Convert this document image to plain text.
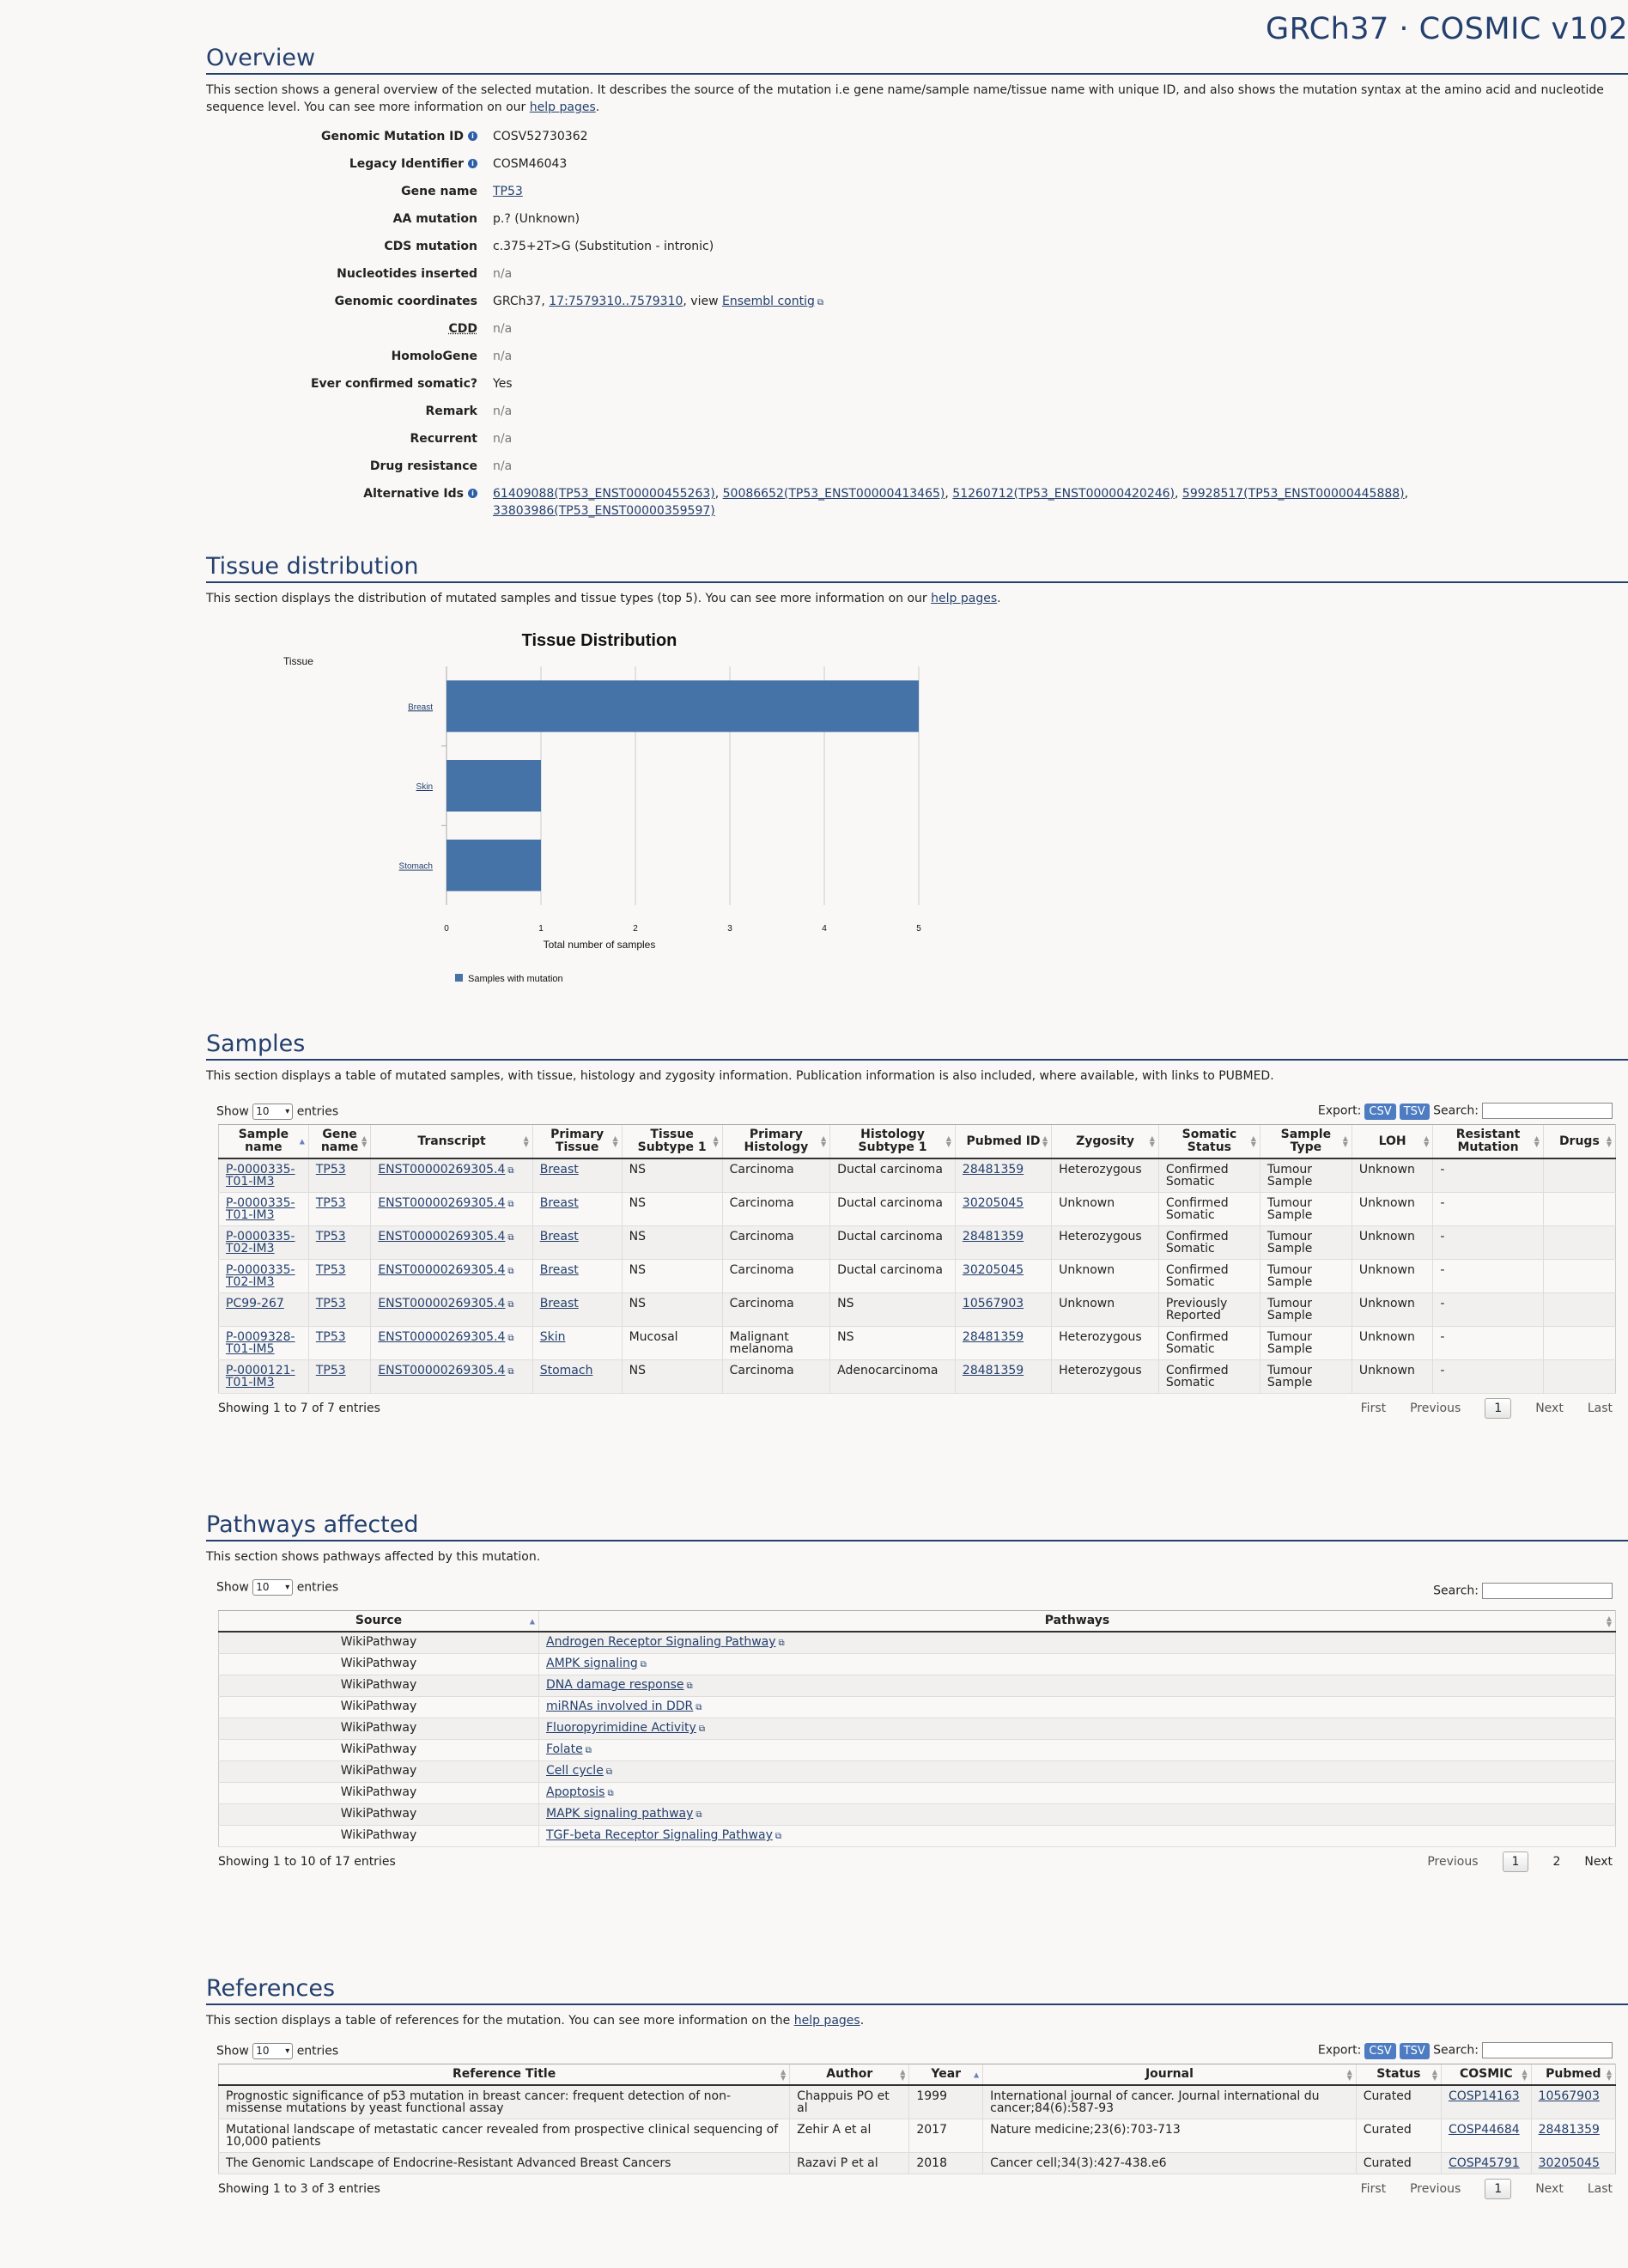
GRCh37 · COSMIC v102
Overview

This section shows a general overview of the selected mutation. It describes the source of the mutation i.e gene name/sample name/tissue name with unique ID, and also shows the mutation syntax at the amino acid and nucleotide sequence level. You can see more information on our help pages.

Genomic Mutation ID i	COSV52730362
Legacy Identifier i	COSM46043
Gene name	TP53
AA mutation	p.? (Unknown)
CDS mutation	c.375+2T>G (Substitution - intronic)
Nucleotides inserted	n/a
Genomic coordinates	GRCh37, 17:7579310..7579310, view Ensembl contig ⧉
CDD	n/a
HomoloGene	n/a
Ever confirmed somatic?	Yes
Remark	n/a
Recurrent	n/a
Drug resistance	n/a
Alternative Ids i	61409088(TP53_ENST00000455263), 50086652(TP53_ENST00000413465), 51260712(TP53_ENST00000420246), 59928517(TP53_ENST00000445888),
33803986(TP53_ENST00000359597)
Tissue distribution

This section displays the distribution of mutated samples and tissue types (top 5). You can see more information on our help pages.

Tissue Distribution
Tissue
0	1	2	3	4	5
Breast
Skin
Stomach
Total number of samples
Samples with mutation
Samples

This section displays a table of mutated samples, with tissue, histology and zygosity information. Publication information is also included, where available, with links to PUBMED.

Show 10 ▾ entries	Export: CSV TSV Search:
Sample name ▲	Gene name
▲
▼	Transcript ▲
▼	Primary Tissue
▲
▼	Tissue Subtype 1
▲
▼	Primary Histology
▲
▼	Histology Subtype 1
▲
▼	Pubmed ID ▲
▼	Zygosity ▲
▼	Somatic Status
▲
▼	Sample Type
▲
▼	LOH ▲
▼	Resistant Mutation
▲
▼	Drugs ▲
▼

P-0000335-T01-IM3	TP53	ENST00000269305.4 ⧉	Breast	NS	Carcinoma	Ductal carcinoma	28481359	Heterozygous	Confirmed Somatic	Tumour Sample	Unknown	-	
P-0000335-T01-IM3	TP53	ENST00000269305.4 ⧉	Breast	NS	Carcinoma	Ductal carcinoma	30205045	Unknown	Confirmed Somatic	Tumour Sample	Unknown	-	
P-0000335-T02-IM3	TP53	ENST00000269305.4 ⧉	Breast	NS	Carcinoma	Ductal carcinoma	28481359	Heterozygous	Confirmed Somatic	Tumour Sample	Unknown	-	
P-0000335-T02-IM3	TP53	ENST00000269305.4 ⧉	Breast	NS	Carcinoma	Ductal carcinoma	30205045	Unknown	Confirmed Somatic	Tumour Sample	Unknown	-	
PC99-267	TP53	ENST00000269305.4 ⧉	Breast	NS	Carcinoma	NS	10567903	Unknown	Previously Reported	Tumour Sample	Unknown	-	
P-0009328-T01-IM5	TP53	ENST00000269305.4 ⧉	Skin	Mucosal	Malignant melanoma	NS	28481359	Heterozygous	Confirmed Somatic	Tumour Sample	Unknown	-	
P-0000121-T01-IM3	TP53	ENST00000269305.4 ⧉	Stomach	NS	Carcinoma	Adenocarcinoma	28481359	Heterozygous	Confirmed Somatic	Tumour Sample	Unknown	-	
Showing 1 to 7 of 7 entries	First Previous	1	Next Last
Pathways affected

This section shows pathways affected by this mutation.

Show 10 ▾ entries	Search:
Source ▲	Pathways ▲
▼

WikiPathway	Androgen Receptor Signaling Pathway ⧉
WikiPathway	AMPK signaling ⧉
WikiPathway	DNA damage response ⧉
WikiPathway	miRNAs involved in DDR ⧉
WikiPathway	Fluoropyrimidine Activity ⧉
WikiPathway	Folate ⧉
WikiPathway	Cell cycle ⧉
WikiPathway	Apoptosis ⧉
WikiPathway	MAPK signaling pathway ⧉
WikiPathway	TGF-beta Receptor Signaling Pathway ⧉
Showing 1 to 10 of 17 entries	Previous	1	2 Next
References

This section displays a table of references for the mutation. You can see more information on the help pages.

Show 10 ▾ entries	Export: CSV TSV Search:
Reference Title ▲
▼	Author ▲
▼	Year ▲	Journal ▲
▼	Status ▲
▼	COSMIC ▲
▼	Pubmed ▲
▼

Prognostic significance of p53 mutation in breast cancer: frequent detection of non-missense mutations by yeast functional assay	Chappuis PO et al	1999	International journal of cancer. Journal international du cancer;84(6):587-93	Curated	COSP14163	10567903
Mutational landscape of metastatic cancer revealed from prospective clinical sequencing of 10,000 patients	Zehir A et al	2017	Nature medicine;23(6):703-713	Curated	COSP44684	28481359
The Genomic Landscape of Endocrine-Resistant Advanced Breast Cancers	Razavi P et al	2018	Cancer cell;34(3):427-438.e6	Curated	COSP45791	30205045
Showing 1 to 3 of 3 entries	First Previous	1	Next Last
